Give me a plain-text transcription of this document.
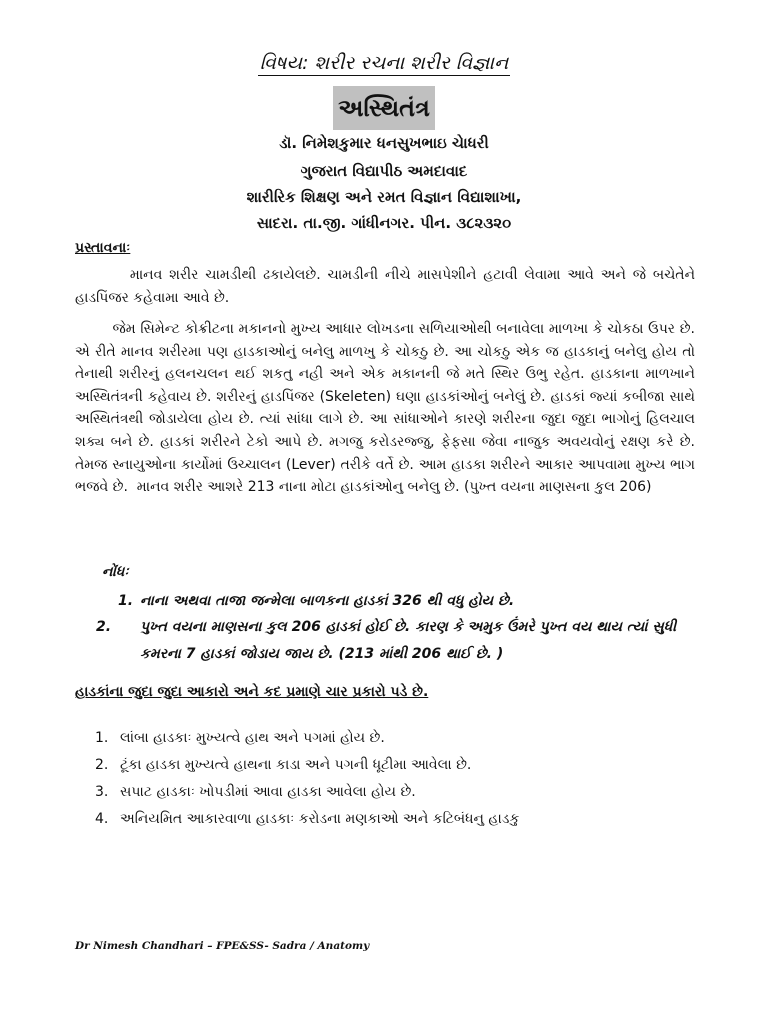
વિષય: શરીર રચના શરીર વિજ્ઞાન
અસ્થિતંત્ર
ડૉ. નિમેશકુમાર ધનસુખભાઇ ચેાધરી
ગુજરાત વિદ્યાપીઠ અમદાવાદ
શારીરિક શિક્ષણ અને રમત વિજ્ઞાન વિદ્યાશાખા,
સાદરા. તા.જી. ગાંધીનગર. પીન. ૩૮૨૩૨૦
પ્રસ્તાવનાઃ
માનવ શરીર ચામડીથી ઢકાયેલછે. ચામડીની નીચે માસપેશીને હટાવી લેવામા આવે અને જે બચેતેને હાડપિંજર કહેવામા આવે છે.
જેમ સિમેન્ટ કોક્રીટના મકાનનો મુખ્ય આધાર લોખડના સળિયાઓથી બનાવેલા માળખા કે ચોકઠા ઉપર છે. એ રીતે માનવ શરીરમા પણ હાડકાઓનું બનેલુ માળખુ કે ચોકઠુ છે. આ ચોકઠુ એક જ હાડકાનું બનેલુ હોય તો તેનાથી શરીરનું હલનચલન થઈ શકતુ નહી અને એક મકાનની જે મતે સ્થિર ઉભુ રહેત. હાડકાના માળખાને અસ્થિતંત્રની કહેવાય છે. શરીરનું હાડપિંજર (Skeleten) ઘણા હાડકાંઓનું બનેલું છે. હાડકાં જ્યાં કબીજા સાથે અસ્થિતંત્રથી જોડાયેલા હોય છે. ત્યાં સાંધા લાગે છે. આ સાંધાઓને કારણે શરીરના જુદા જુદા ભાગોનું હિલચાલ શક્ય બને છે. હાડકાં શરીરને ટેકો આપે છે. મગજુ કરોડરજ્જુ, ફેફસા જેવા નાજુક અવયવોનું રક્ષણ કરે છે. તેમજ સ્નાયુઓના કાર્યોમાં ઉચ્ચાલન (Lever) તરીકે વર્તે છે. આમ હાડકા શરીરને આકાર આપવામા મુખ્ય ભાગ ભજવે છે.  માનવ શરીર આશરે 213 નાના મોટા હાડકાંઓનુ બનેલુ છે. (પુખ્ત વયના માણસના કુલ 206)
નોંધઃ
1. નાના અથવા તાજા જન્મેલા બાળકના હાડકાં 326 થી વધુ હોય છે.
2. પુખ્ત વયના માણસના કુલ 206 હાડકાં હોઈ છે. કારણ કે અમુક ઉંમરે પુખ્ત વય થાય ત્યાં સુધી કમરના 7 હાડકાં જોડાય જાય છે. (213 માંથી 206 થાઈ છે. )
હાડકાંના જુદા જુદા આકારો અને કદ પ્રમાણે ચાર પ્રકારો પડે છે.
1. લાંબા હાડકાઃ મુખ્યત્વે હાથ અને પગમાં હોય છે.
2. ટૂંકા હાડકા મુખ્યત્વે હાથના કાડા અને પગની ધૂટીમા આવેલા છે.
3. સપાટ હાડકાઃ ખોપડીમાં આવા હાડકા આવેલા હોય છે.
4. અનિયમિત આકારવાળા હાડકાઃ કરોડના મણકાઓ અને કટિબંધનુ હાડકુ
Dr Nimesh Chandhari – FPE&SS- Sadra / Anatomy
